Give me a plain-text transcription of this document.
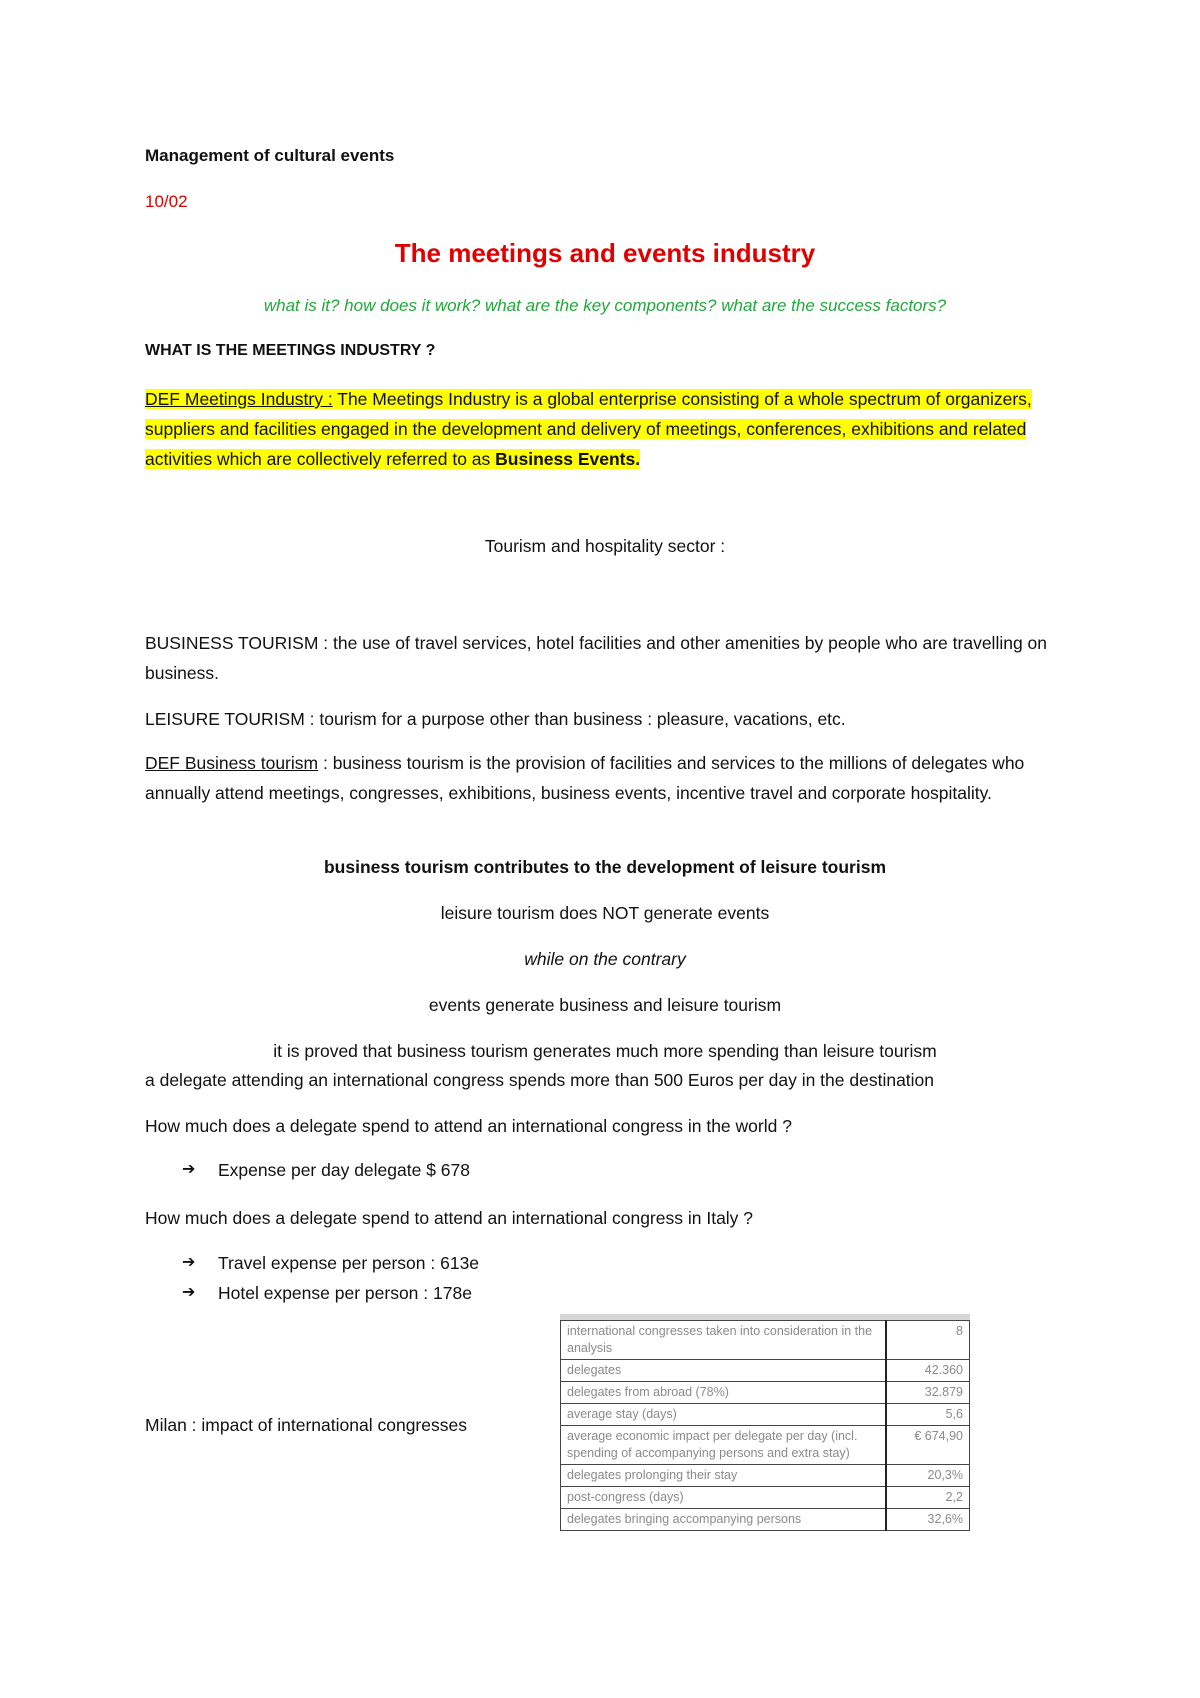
Management of cultural events

10/02

The meetings and events industry

what is it? how does it work? what are the key components? what are the success factors?

WHAT IS THE MEETINGS INDUSTRY ?

DEF Meetings Industry : The Meetings Industry is a global enterprise consisting of a whole spectrum of organizers, suppliers and facilities engaged in the development and delivery of meetings, conferences, exhibitions and related activities which are collectively referred to as Business Events.

Tourism and hospitality sector :

BUSINESS TOURISM : the use of travel services, hotel facilities and other amenities by people who are travelling on business.

LEISURE TOURISM : tourism for a purpose other than business : pleasure, vacations, etc.

DEF Business tourism : business tourism is the provision of facilities and services to the millions of delegates who annually attend meetings, congresses, exhibitions, business events, incentive travel and corporate hospitality.

business tourism contributes to the development of leisure tourism

leisure tourism does NOT generate events

while on the contrary

events generate business and leisure tourism

it is proved that business tourism generates much more spending than leisure tourism

a delegate attending an international congress spends more than 500 Euros per day in the destination

How much does a delegate spend to attend an international congress in the world ?

➔	Expense per day delegate $ 678

How much does a delegate spend to attend an international congress in Italy ?

➔	Travel expense per person : 613e
➔	Hotel expense per person : 178e

Milan : impact of international congresses

international congresses taken into consideration in the analysis	8
delegates	42.360
delegates from abroad (78%)	32.879
average stay (days)	5,6
average economic impact per delegate per day (incl. spending of accompanying persons and extra stay)	€ 674,90
delegates prolonging their stay	20,3%
post-congress (days)	2,2
delegates bringing accompanying persons	32,6%
